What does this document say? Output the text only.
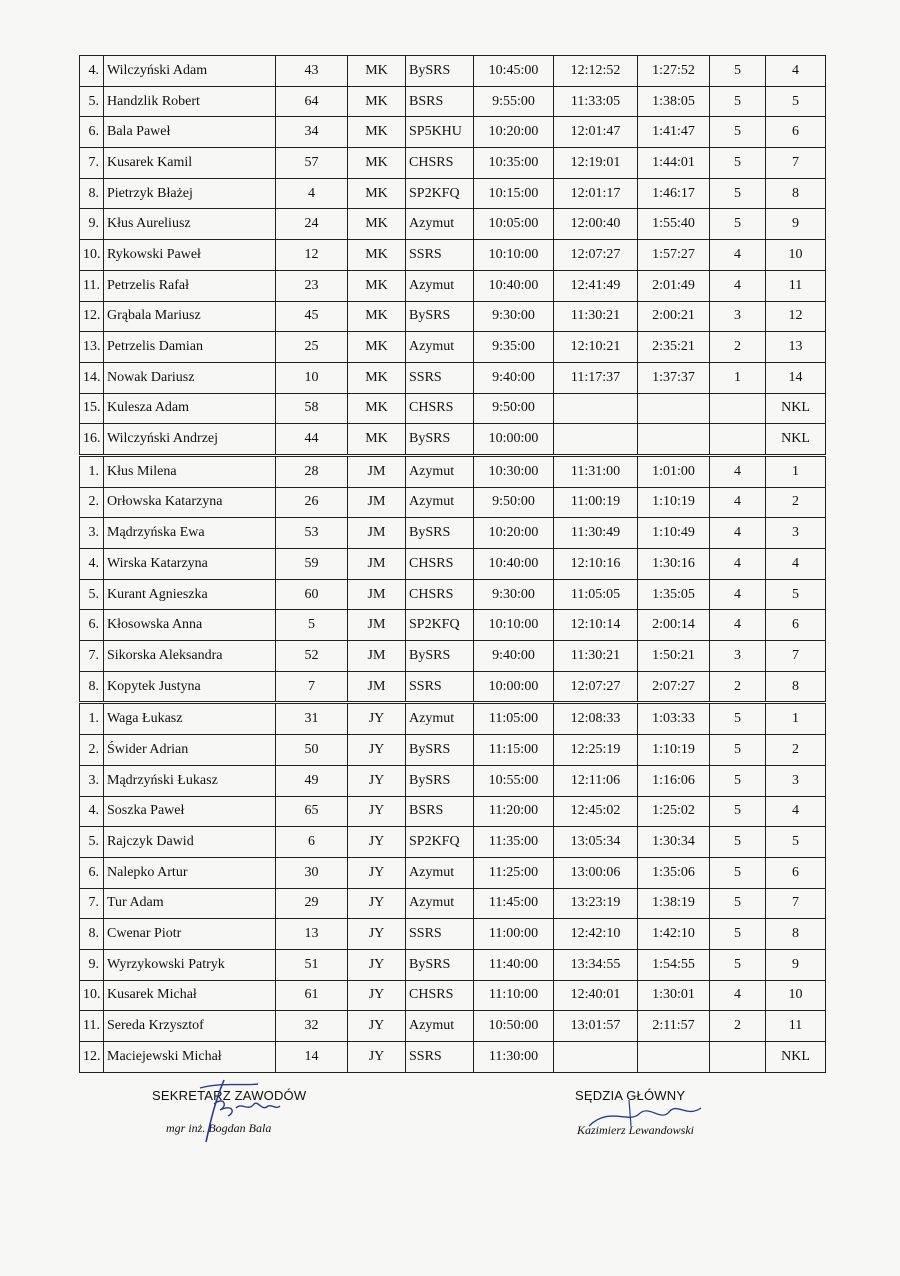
4.	Wilczyński Adam	43	MK	BySRS	10:45:00	12:12:52	1:27:52	5	4
5.	Handzlik Robert	64	MK	BSRS	9:55:00	11:33:05	1:38:05	5	5
6.	Bala Paweł	34	MK	SP5KHU	10:20:00	12:01:47	1:41:47	5	6
7.	Kusarek Kamil	57	MK	CHSRS	10:35:00	12:19:01	1:44:01	5	7
8.	Pietrzyk Błażej	4	MK	SP2KFQ	10:15:00	12:01:17	1:46:17	5	8
9.	Kłus Aureliusz	24	MK	Azymut	10:05:00	12:00:40	1:55:40	5	9
10.	Rykowski Paweł	12	MK	SSRS	10:10:00	12:07:27	1:57:27	4	10
11.	Petrzelis Rafał	23	MK	Azymut	10:40:00	12:41:49	2:01:49	4	11
12.	Grąbala Mariusz	45	MK	BySRS	9:30:00	11:30:21	2:00:21	3	12
13.	Petrzelis Damian	25	MK	Azymut	9:35:00	12:10:21	2:35:21	2	13
14.	Nowak Dariusz	10	MK	SSRS	9:40:00	11:17:37	1:37:37	1	14
15.	Kulesza Adam	58	MK	CHSRS	9:50:00				NKL
16.	Wilczyński Andrzej	44	MK	BySRS	10:00:00				NKL
1.	Kłus Milena	28	JM	Azymut	10:30:00	11:31:00	1:01:00	4	1
2.	Orłowska Katarzyna	26	JM	Azymut	9:50:00	11:00:19	1:10:19	4	2
3.	Mądrzyńska Ewa	53	JM	BySRS	10:20:00	11:30:49	1:10:49	4	3
4.	Wirska Katarzyna	59	JM	CHSRS	10:40:00	12:10:16	1:30:16	4	4
5.	Kurant Agnieszka	60	JM	CHSRS	9:30:00	11:05:05	1:35:05	4	5
6.	Kłosowska Anna	5	JM	SP2KFQ	10:10:00	12:10:14	2:00:14	4	6
7.	Sikorska Aleksandra	52	JM	BySRS	9:40:00	11:30:21	1:50:21	3	7
8.	Kopytek Justyna	7	JM	SSRS	10:00:00	12:07:27	2:07:27	2	8
1.	Waga Łukasz	31	JY	Azymut	11:05:00	12:08:33	1:03:33	5	1
2.	Świder Adrian	50	JY	BySRS	11:15:00	12:25:19	1:10:19	5	2
3.	Mądrzyński Łukasz	49	JY	BySRS	10:55:00	12:11:06	1:16:06	5	3
4.	Soszka Paweł	65	JY	BSRS	11:20:00	12:45:02	1:25:02	5	4
5.	Rajczyk Dawid	6	JY	SP2KFQ	11:35:00	13:05:34	1:30:34	5	5
6.	Nalepko Artur	30	JY	Azymut	11:25:00	13:00:06	1:35:06	5	6
7.	Tur Adam	29	JY	Azymut	11:45:00	13:23:19	1:38:19	5	7
8.	Cwenar Piotr	13	JY	SSRS	11:00:00	12:42:10	1:42:10	5	8
9.	Wyrzykowski Patryk	51	JY	BySRS	11:40:00	13:34:55	1:54:55	5	9
10.	Kusarek Michał	61	JY	CHSRS	11:10:00	12:40:01	1:30:01	4	10
11.	Sereda Krzysztof	32	JY	Azymut	10:50:00	13:01:57	2:11:57	2	11
12.	Maciejewski Michał	14	JY	SSRS	11:30:00				NKL
SEKRETARZ ZAWODÓW
mgr inż. Bogdan Bala
SĘDZIA GŁÓWNY
Kazimierz Lewandowski
